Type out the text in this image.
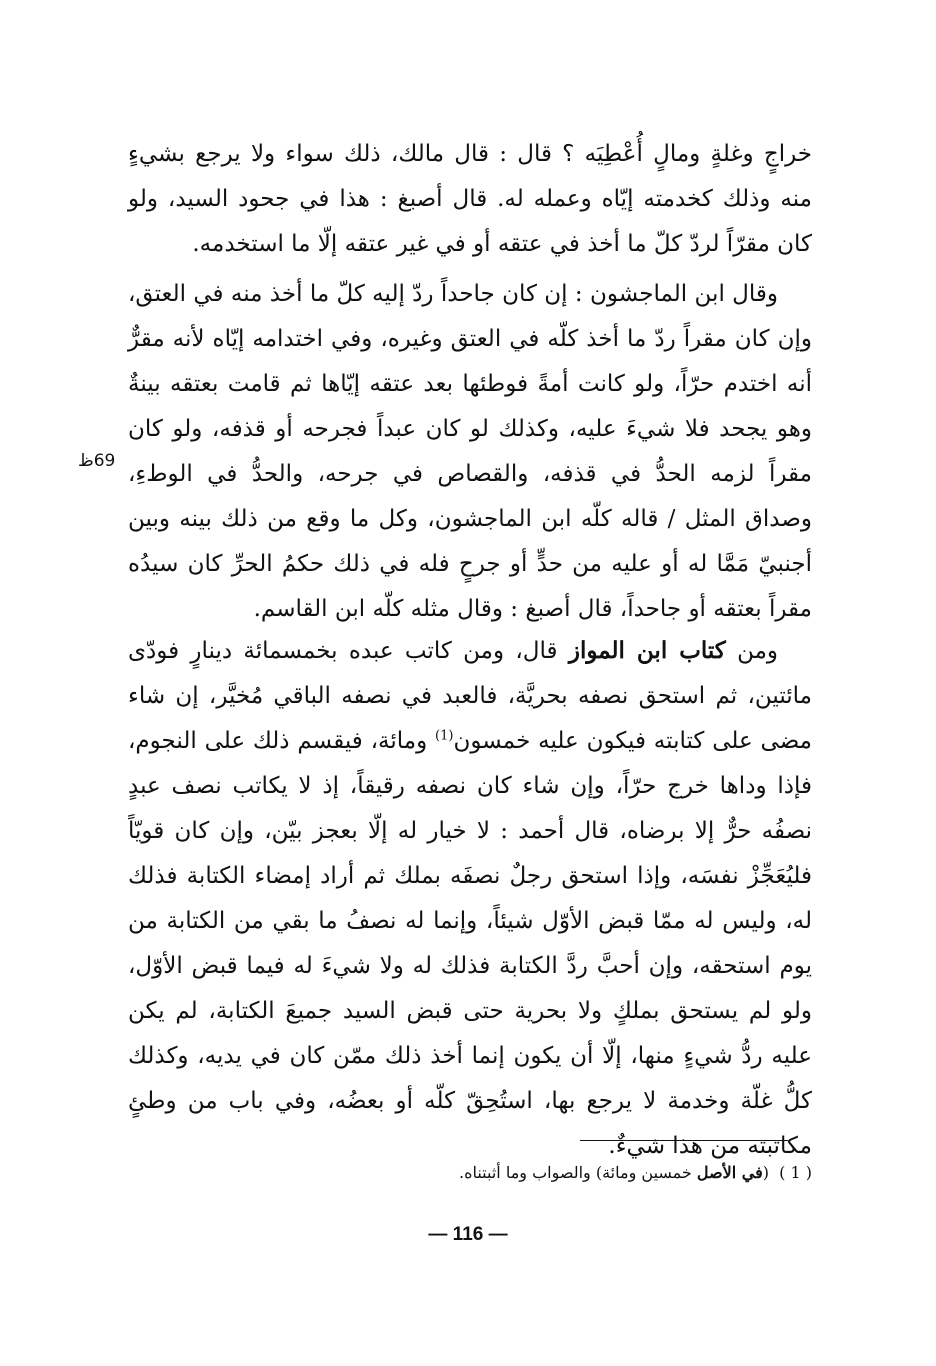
خراجٍ وغلةٍ ومالٍ أُعْطِيَه ؟ قال : قال مالك، ذلك سواء ولا يرجع بشيءٍ منه وذلك كخدمته إيّاه وعمله له. قال أصبغ : هذا في جحود السيد، ولو كان مقرّاً لردّ كلّ ما أخذ في عتقه أو في غير عتقه إلّا ما استخدمه.

وقال ابن الماجشون : إن كان جاحداً ردّ إليه كلّ ما أخذ منه في العتق، وإن كان مقراً ردّ ما أخذ كلّه في العتق وغيره، وفي اختدامه إيّاه لأنه مقرٌّ أنه اختدم حرّاً، ولو كانت أمةً فوطئها بعد عتقه إيّاها ثم قامت بعتقه بينةٌ وهو يجحد فلا شيءَ عليه، وكذلك لو كان عبداً فجرحه أو قذفه، ولو كان مقراً لزمه الحدُّ في قذفه، والقصاص في جرحه، والحدُّ في الوطءِ، وصداق المثل / قاله كلّه ابن الماجشون، وكل ما وقع من ذلك بينه وبين أجنبيّ مَمَّا له أو عليه من حدٍّ أو جرحٍ فله في ذلك حكمُ الحرِّ كان سيدُه مقراً بعتقه أو جاحداً، قال أصبغ : وقال مثله كلّه ابن القاسم.

69ظ

ومن كتاب ابن المواز قال، ومن كاتب عبده بخمسمائة دينارٍ فودّى مائتين، ثم استحق نصفه بحريَّة، فالعبد في نصفه الباقي مُخيَّر، إن شاء مضى على كتابته فيكون عليه خمسون$^{(1)}$ ومائة، فيقسم ذلك على النجوم، فإذا وداها خرج حرّاً، وإن شاء كان نصفه رقيقاً، إذ لا يكاتب نصف عبدٍ نصفُه حرٌّ إلا برضاه، قال أحمد : لا خيار له إلّا بعجز بيّن، وإن كان قويّاً فليُعَجِّزْ نفسَه، وإذا استحق رجلٌ نصفَه بملك ثم أراد إمضاء الكتابة فذلك له، وليس له ممّا قبض الأوّل شيئاً، وإنما له نصفُ ما بقي من الكتابة من يوم استحقه، وإن أحبَّ ردَّ الكتابة فذلك له ولا شيءَ له فيما قبض الأوّل، ولو لم يستحق بملكٍ ولا بحرية حتى قبض السيد جميعَ الكتابة، لم يكن عليه ردُّ شيءٍ منها، إلّا أن يكون إنما أخذ ذلك ممّن كان في يديه، وكذلك كلُّ غلّة وخدمة لا يرجع بها، استُحِقّ كلّه أو بعضُه، وفي باب من وطئٍ مكاتبته من هذا شيءٌ.

( 1 )  (في الأصل خمسين ومائة) والصواب وما أثبتناه.
— 116 —
